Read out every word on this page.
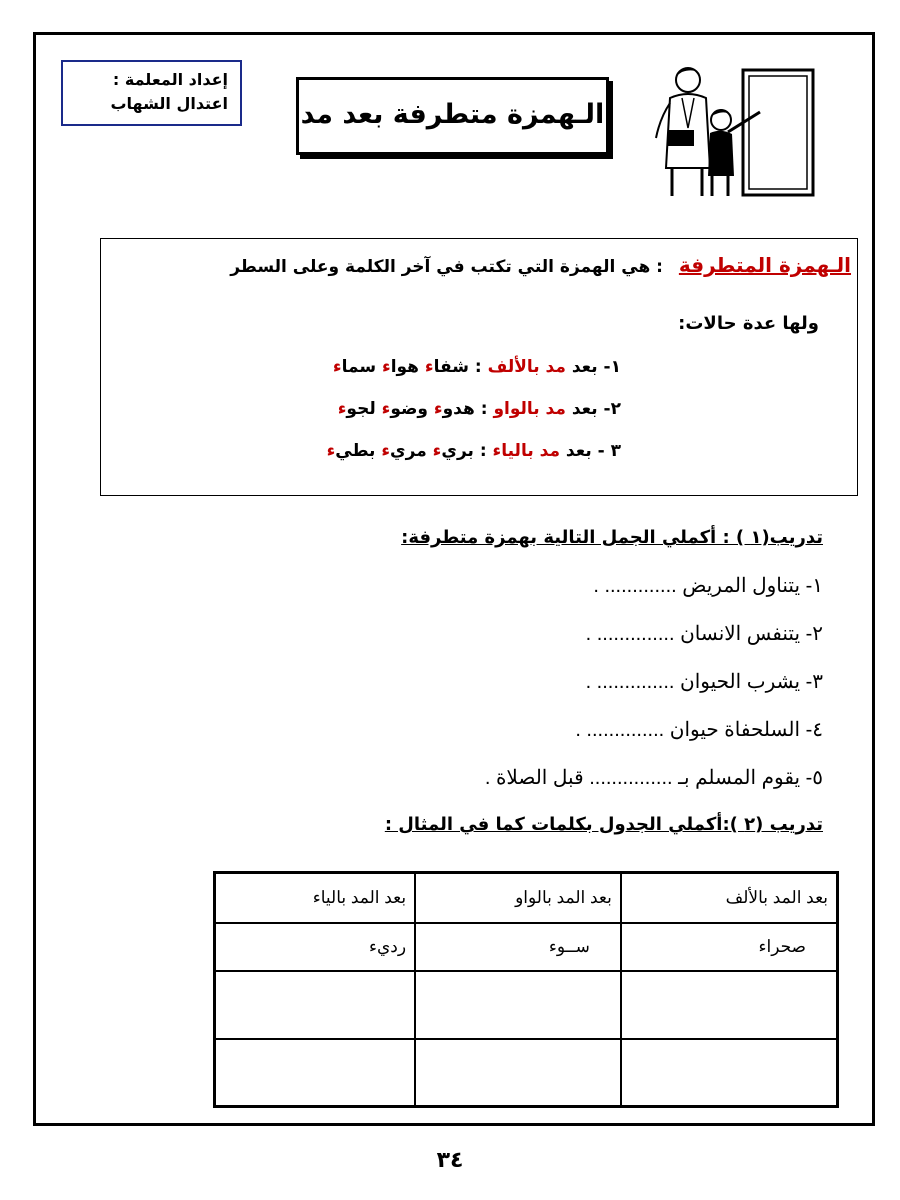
إعداد المعلمة :
اعتدال الشهاب	الـهمزة متطرفة بعد مد
الـهمزة المتطرفة : هي الهمزة التي تكتب في آخر الكلمة وعلى السطر
ولها عدة حالات:
١- بعد مد بالألف : شفاء هواء سماء
٢- بعد مد بالواو : هدوء وضوء لجوء
٣ - بعد مد بالياء : بريء مريء بطيء
تدريب(١ ) : أكملي الجمل التالية بهمزة متطرفة:
١- يتناول المريض ............. .
٢- يتنفس الانسان .............. .
٣- يشرب الحيوان .............. .
٤- السلحفاة حيوان .............. .
٥- يقوم المسلم بـ ............... قبل الصلاة .
تدريب (٢ ):أكملي الجدول بكلمات كما في المثال :
بعد المد بالألف	بعد المد بالواو	بعد المد بالياء
صحراء	ســوء	رديء

٣٤
